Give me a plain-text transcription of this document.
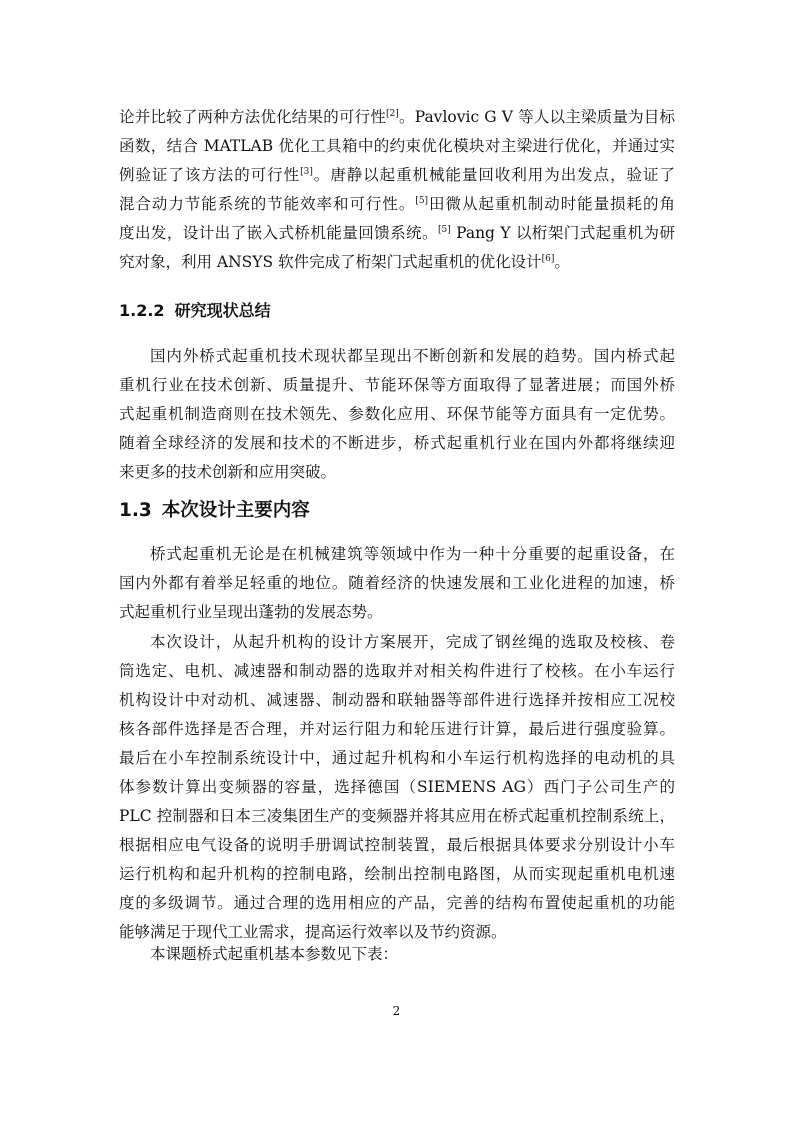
论并比较了两种方法优化结果的可行性[2]。Pavlovic G V 等人以主梁质量为目标
函数，结合 MATLAB 优化工具箱中的约束优化模块对主梁进行优化，并通过实
例验证了该方法的可行性[3]。唐静以起重机械能量回收利用为出发点，验证了
混合动力节能系统的节能效率和可行性。[5]田微从起重机制动时能量损耗的角
度出发，设计出了嵌入式桥机能量回馈系统。[5] Pang Y 以桁架门式起重机为研
究对象，利用 ANSYS 软件完成了桁架门式起重机的优化设计[6]。
1.2.2 研究现状总结
国内外桥式起重机技术现状都呈现出不断创新和发展的趋势。国内桥式起
重机行业在技术创新、质量提升、节能环保等方面取得了显著进展；而国外桥
式起重机制造商则在技术领先、参数化应用、环保节能等方面具有一定优势。
随着全球经济的发展和技术的不断进步，桥式起重机行业在国内外都将继续迎
来更多的技术创新和应用突破。
1.3 本次设计主要内容
桥式起重机无论是在机械建筑等领域中作为一种十分重要的起重设备，在
国内外都有着举足轻重的地位。随着经济的快速发展和工业化进程的加速，桥
式起重机行业呈现出蓬勃的发展态势。
本次设计，从起升机构的设计方案展开，完成了钢丝绳的选取及校核、卷
筒选定、电机、减速器和制动器的选取并对相关构件进行了校核。在小车运行
机构设计中对动机、减速器、制动器和联轴器等部件进行选择并按相应工况校
核各部件选择是否合理，并对运行阻力和轮压进行计算，最后进行强度验算。
最后在小车控制系统设计中，通过起升机构和小车运行机构选择的电动机的具
体参数计算出变频器的容量，选择德国（SIEMENS AG）西门子公司生产的
PLC 控制器和日本三凌集团生产的变频器并将其应用在桥式起重机控制系统上，
根据相应电气设备的说明手册调试控制装置，最后根据具体要求分别设计小车
运行机构和起升机构的控制电路，绘制出控制电路图，从而实现起重机电机速
度的多级调节。通过合理的选用相应的产品，完善的结构布置使起重机的功能
能够满足于现代工业需求，提高运行效率以及节约资源。
本课题桥式起重机基本参数见下表：
2
